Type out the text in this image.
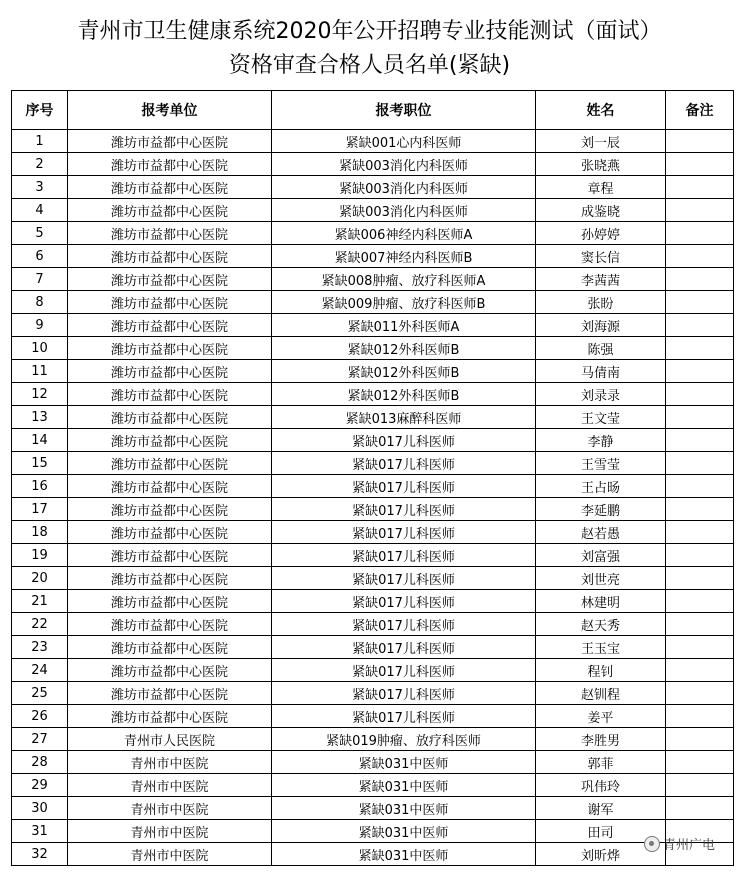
青州市卫生健康系统2020年公开招聘专业技能测试（面试）
资格审查合格人员名单(紧缺)
序号	报考单位	报考职位	姓名	备注
1	潍坊市益都中心医院	紧缺001心内科医师	刘一辰	
2	潍坊市益都中心医院	紧缺003消化内科医师	张晓燕	
3	潍坊市益都中心医院	紧缺003消化内科医师	章程	
4	潍坊市益都中心医院	紧缺003消化内科医师	成鉴晓	
5	潍坊市益都中心医院	紧缺006神经内科医师A	孙婷婷	
6	潍坊市益都中心医院	紧缺007神经内科医师B	窦长信	
7	潍坊市益都中心医院	紧缺008肿瘤、放疗科医师A	李茜茜	
8	潍坊市益都中心医院	紧缺009肿瘤、放疗科医师B	张盼	
9	潍坊市益都中心医院	紧缺011外科医师A	刘海源	
10	潍坊市益都中心医院	紧缺012外科医师B	陈强	
11	潍坊市益都中心医院	紧缺012外科医师B	马倩南	
12	潍坊市益都中心医院	紧缺012外科医师B	刘录录	
13	潍坊市益都中心医院	紧缺013麻醉科医师	王文莹	
14	潍坊市益都中心医院	紧缺017儿科医师	李静	
15	潍坊市益都中心医院	紧缺017儿科医师	王雪莹	
16	潍坊市益都中心医院	紧缺017儿科医师	王占旸	
17	潍坊市益都中心医院	紧缺017儿科医师	李延鹏	
18	潍坊市益都中心医院	紧缺017儿科医师	赵若愚	
19	潍坊市益都中心医院	紧缺017儿科医师	刘富强	
20	潍坊市益都中心医院	紧缺017儿科医师	刘世亮	
21	潍坊市益都中心医院	紧缺017儿科医师	林建明	
22	潍坊市益都中心医院	紧缺017儿科医师	赵天秀	
23	潍坊市益都中心医院	紧缺017儿科医师	王玉宝	
24	潍坊市益都中心医院	紧缺017儿科医师	程钊	
25	潍坊市益都中心医院	紧缺017儿科医师	赵钏程	
26	潍坊市益都中心医院	紧缺017儿科医师	姜平	
27	青州市人民医院	紧缺019肿瘤、放疗科医师	李胜男	
28	青州市中医院	紧缺031中医师	郭菲	
29	青州市中医院	紧缺031中医师	巩伟玲	
30	青州市中医院	紧缺031中医师	谢军	
31	青州市中医院	紧缺031中医师	田司	
32	青州市中医院	紧缺031中医师	刘昕烨	
青州广电
